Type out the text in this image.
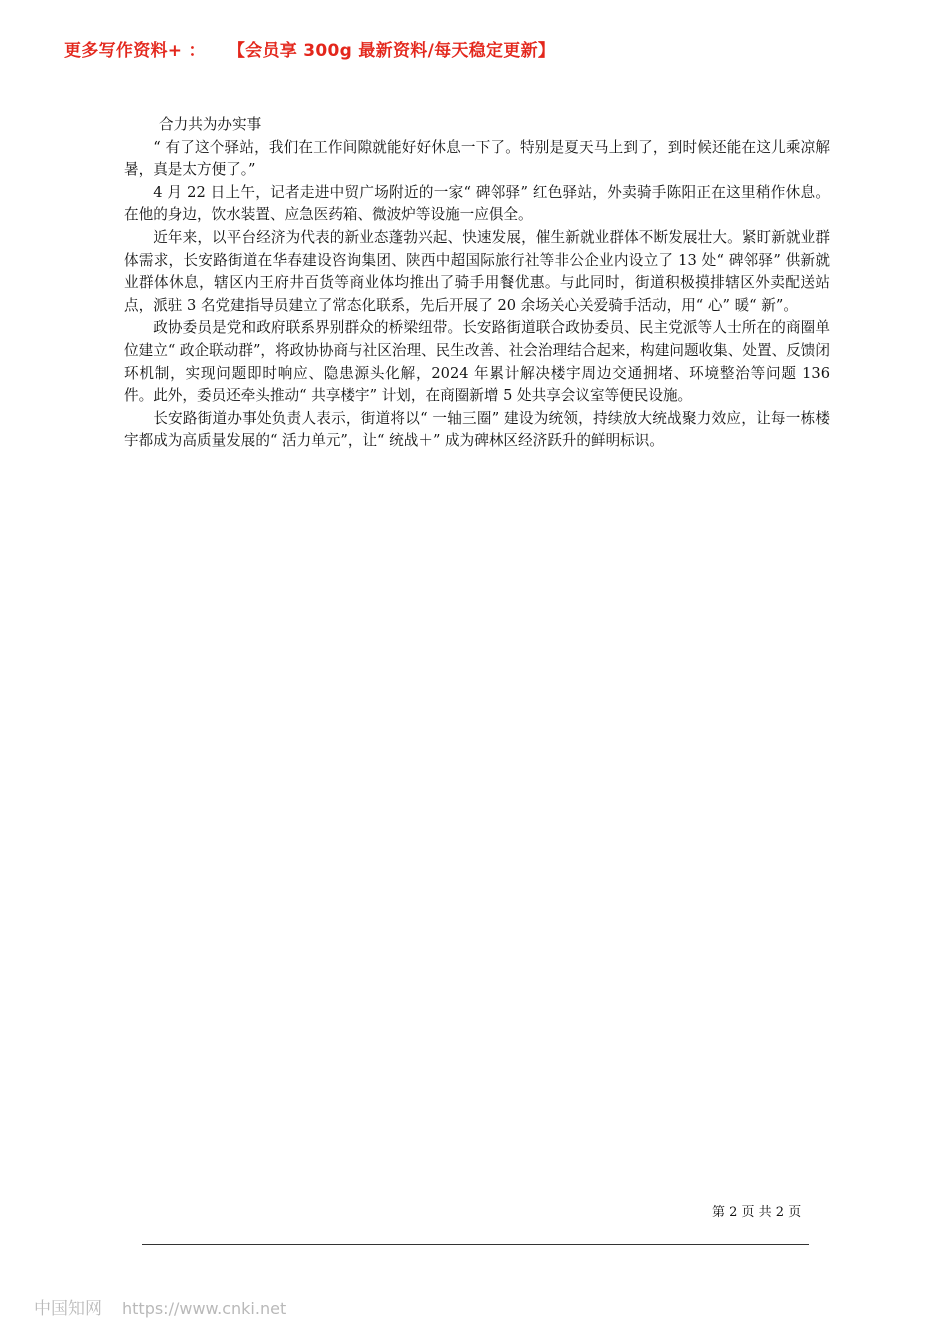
更多写作资料+ ： 【会员享 300g 最新资料/每天稳定更新】

合力共为办实事

“ 有了这个驿站，我们在工作间隙就能好好休息一下了。特别是夏天马上到了，到时候还能在这儿乘凉解暑，真是太方便了。”

4 月 22 日上午，记者走进中贸广场附近的一家“ 碑邻驿” 红色驿站，外卖骑手陈阳正在这里稍作休息。在他的身边，饮水装置、应急医药箱、微波炉等设施一应俱全。

近年来，以平台经济为代表的新业态蓬勃兴起、快速发展，催生新就业群体不断发展壮大。紧盯新就业群体需求，长安路街道在华春建设咨询集团、陕西中超国际旅行社等非公企业内设立了 13 处“ 碑邻驿” 供新就业群体休息，辖区内王府井百货等商业体均推出了骑手用餐优惠。与此同时，街道积极摸排辖区外卖配送站点，派驻 3 名党建指导员建立了常态化联系，先后开展了 20 余场关心关爱骑手活动，用“ 心” 暖“ 新”。

政协委员是党和政府联系界别群众的桥梁纽带。长安路街道联合政协委员、民主党派等人士所在的商圈单位建立“ 政企联动群”，将政协协商与社区治理、民生改善、社会治理结合起来，构建问题收集、处置、反馈闭环机制，实现问题即时响应、隐患源头化解，2024 年累计解决楼宇周边交通拥堵、环境整治等问题 136 件。此外，委员还牵头推动“ 共享楼宇” 计划，在商圈新增 5 处共享会议室等便民设施。

长安路街道办事处负责人表示，街道将以“ 一轴三圈” 建设为统领，持续放大统战聚力效应，让每一栋楼宇都成为高质量发展的“ 活力单元”，让“ 统战＋” 成为碑林区经济跃升的鲜明标识。

第 2 页 共 2 页
中国知网 https://www.cnki.net
